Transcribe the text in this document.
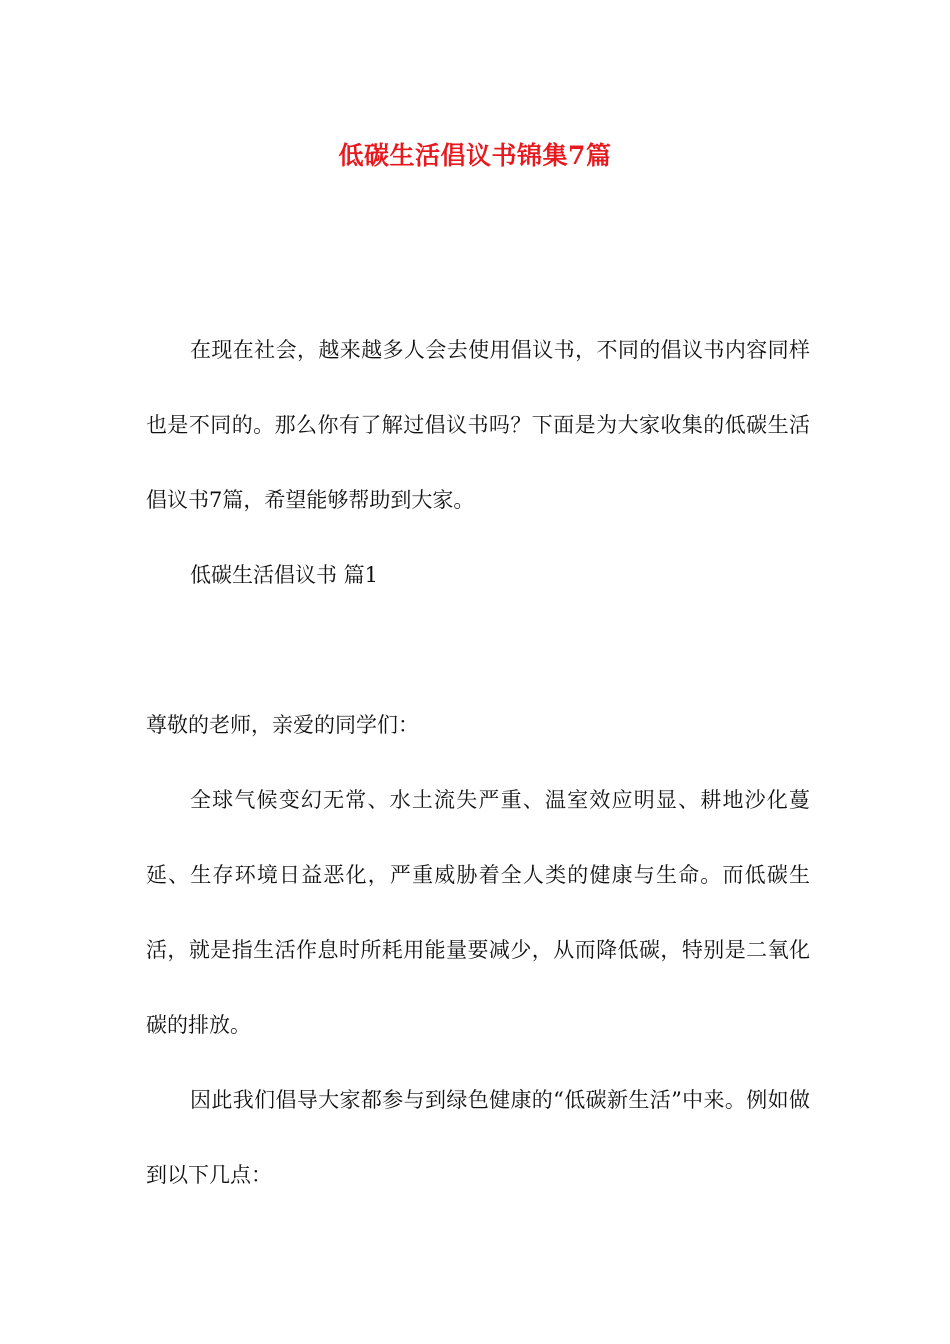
低碳生活倡议书锦集7篇

在现在社会，越来越多人会去使用倡议书，不同的倡议书内容同样也是不同的。那么你有了解过倡议书吗？下面是为大家收集的低碳生活倡议书7篇，希望能够帮助到大家。

低碳生活倡议书 篇1

尊敬的老师，亲爱的同学们：

全球气候变幻无常、水土流失严重、温室效应明显、耕地沙化蔓延、生存环境日益恶化，严重威胁着全人类的健康与生命。而低碳生活，就是指生活作息时所耗用能量要减少，从而降低碳，特别是二氧化碳的排放。

因此我们倡导大家都参与到绿色健康的“低碳新生活”中来。例如做到以下几点：
